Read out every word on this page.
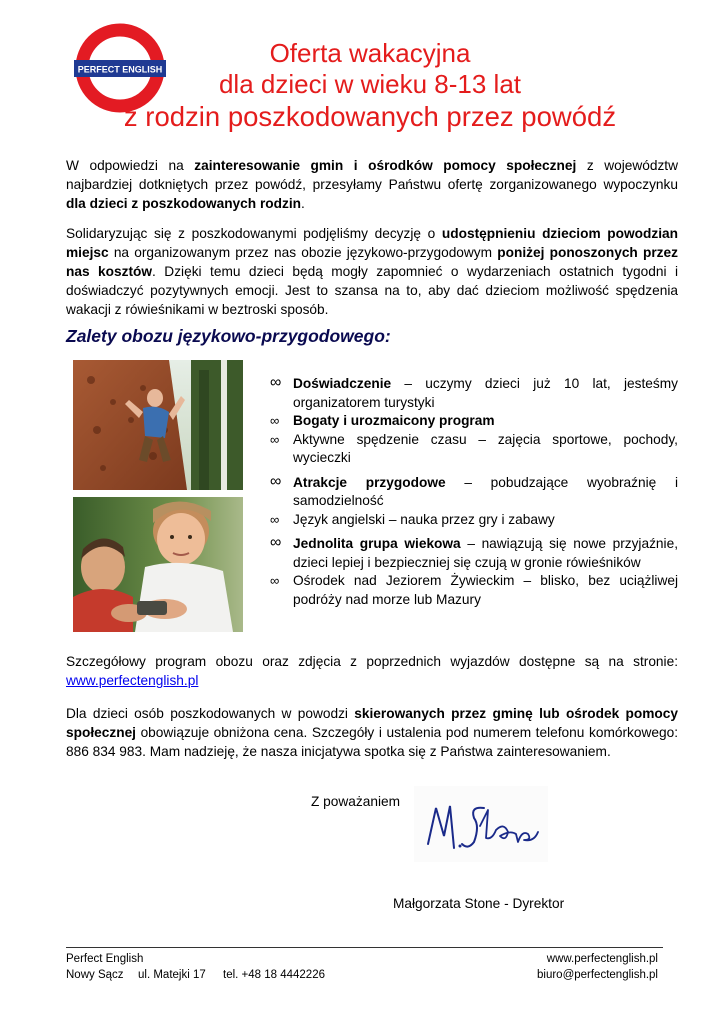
PERFECT ENGLISH
Oferta wakacyjna
dla dzieci w wieku 8-13 lat
z rodzin poszkodowanych przez powódź
W odpowiedzi na zainteresowanie gmin i ośrodków pomocy społecznej z województw najbardziej dotkniętych przez powódź, przesyłamy Państwu ofertę zorganizowanego wypoczynku dla dzieci z poszkodowanych rodzin.
Solidaryzując się z poszkodowanymi podjęliśmy decyzję o udostępnieniu dzieciom powodzian miejsc na organizowanym przez nas obozie językowo-przygodowym poniżej ponoszonych przez nas kosztów. Dzięki temu dzieci będą mogły zapomnieć o wydarzeniach ostatnich tygodni i doświadczyć pozytywnych emocji. Jest to szansa na to, aby dać dzieciom możliwość spędzenia wakacji z rówieśnikami w beztroski sposób.
Zalety obozu językowo-przygodowego:
∞ Doświadczenie – uczymy dzieci już 10 lat, jesteśmy organizatorem turystyki
∞ Bogaty i urozmaicony program
∞ Aktywne spędzenie czasu – zajęcia sportowe, pochody, wycieczki
∞ Atrakcje przygodowe – pobudzające wyobraźnię i samodzielność
∞ Język angielski – nauka przez gry i zabawy
∞ Jednolita grupa wiekowa – nawiązują się nowe przyjaźnie, dzieci lepiej i bezpieczniej się czują w gronie rówieśników
∞ Ośrodek nad Jeziorem Żywieckim – blisko, bez uciążliwej podróży nad morze lub Mazury
Szczegółowy program obozu oraz zdjęcia z poprzednich wyjazdów dostępne są na stronie: www.perfectenglish.pl
Dla dzieci osób poszkodowanych w powodzi skierowanych przez gminę lub ośrodek pomocy społecznej obowiązuje obniżona cena. Szczegóły i ustalenia pod numerem telefonu komórkowego: 886 834 983. Mam nadzieję, że nasza inicjatywa spotka się z Państwa zainteresowaniem.
Z poważaniem
Małgorzata Stone - Dyrektor
Perfect English
Nowy Sącz ul. Matejki 17 tel. +48 18 4442226
www.perfectenglish.pl
biuro@perfectenglish.pl
